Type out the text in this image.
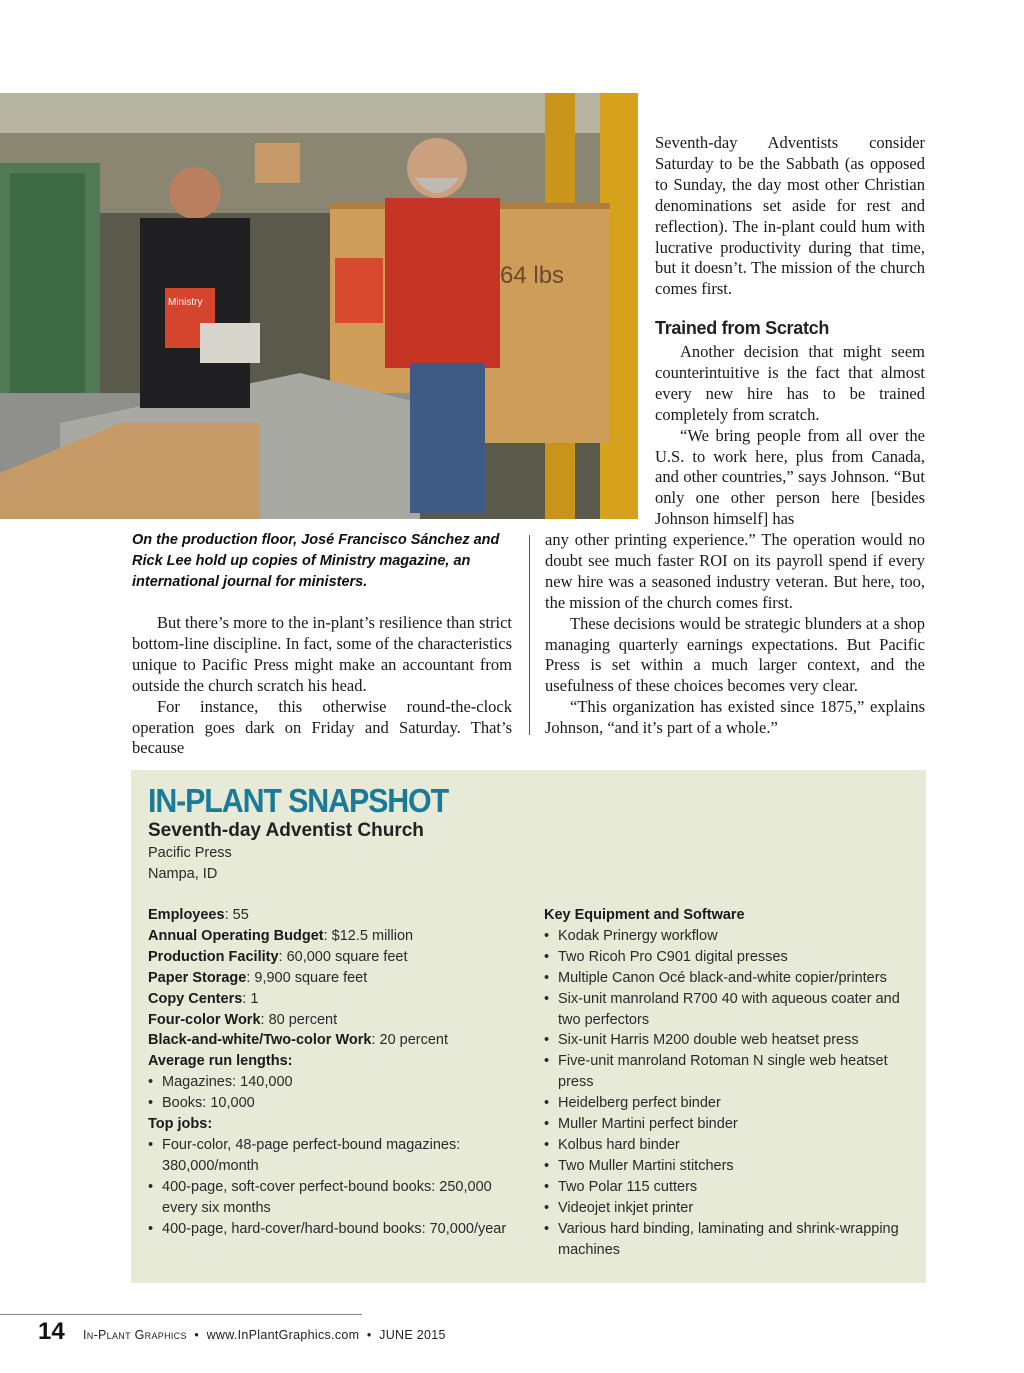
64 lbs
Ministry
On the production floor, José Francisco Sánchez and Rick Lee hold up copies of Ministry magazine, an international journal for ministers.

Seventh-day Adventists consider Saturday to be the Sabbath (as opposed to Sunday, the day most other Christian denominations set aside for rest and reflection). The in-plant could hum with lucrative productivity during that time, but it doesn’t. The mission of the church comes first.

Trained from Scratch

Another decision that might seem counterintuitive is the fact that almost every new hire has to be trained completely from scratch.

“We bring people from all over the U.S. to work here, plus from Canada, and other countries,” says Johnson. “But only one other person here [besides Johnson himself] has

any other printing experience.” The operation would no doubt see much faster ROI on its payroll spend if every new hire was a seasoned industry veteran. But here, too, the mission of the church comes first.

These decisions would be strategic blunders at a shop managing quarterly earnings expectations. But Pacific Press is set within a much larger context, and the usefulness of these choices becomes very clear.

“This organization has existed since 1875,” explains Johnson, “and it’s part of a whole.”

But there’s more to the in-plant’s resilience than strict bottom-line discipline. In fact, some of the characteristics unique to Pacific Press might make an accountant from outside the church scratch his head.

For instance, this otherwise round-the-clock operation goes dark on Friday and Saturday. That’s because

IN-PLANT SNAPSHOT
Seventh-day Adventist Church
Pacific Press
Nampa, ID
Employees: 55
Annual Operating Budget: $12.5 million
Production Facility: 60,000 square feet
Paper Storage: 9,900 square feet
Copy Centers: 1
Four-color Work: 80 percent
Black-and-white/Two-color Work: 20 percent
Average run lengths:
• Magazines: 140,000
• Books: 10,000
Top jobs:
• Four-color, 48-page perfect-bound magazines: 380,000/month
• 400-page, soft-cover perfect-bound books: 250,000 every six months
• 400-page, hard-cover/hard-bound books: 70,000/year
Key Equipment and Software
• Kodak Prinergy workflow
• Two Ricoh Pro C901 digital presses
• Multiple Canon Océ black-and-white copier/printers
• Six-unit manroland R700 40 with aqueous coater and two perfectors
• Six-unit Harris M200 double web heatset press
• Five-unit manroland Rotoman N single web heatset press
• Heidelberg perfect binder
• Muller Martini perfect binder
• Kolbus hard binder
• Two Muller Martini stitchers
• Two Polar 115 cutters
• Videojet inkjet printer
• Various hard binding, laminating and shrink-wrapping machines
14 In-Plant Graphics • www.InPlantGraphics.com • JUNE 2015
